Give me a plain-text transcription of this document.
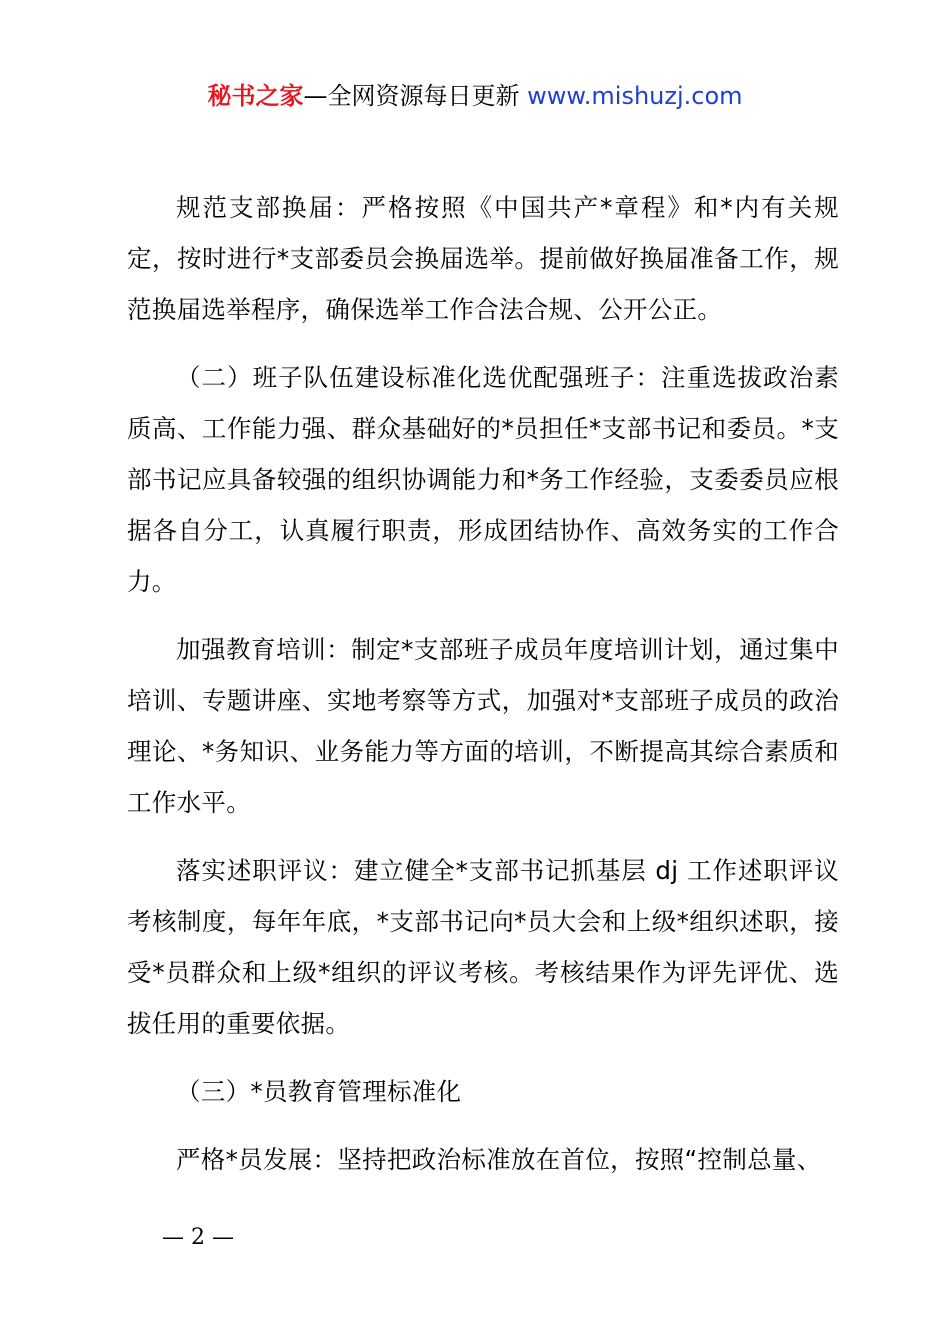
秘书之家—全网资源每日更新 www.mishuzj.com

规范支部换届：严格按照《中国共产*章程》和*内有关规定，按时进行*支部委员会换届选举。提前做好换届准备工作，规范换届选举程序，确保选举工作合法合规、公开公正。

（二）班子队伍建设标准化选优配强班子：注重选拔政治素质高、工作能力强、群众基础好的*员担任*支部书记和委员。*支部书记应具备较强的组织协调能力和*务工作经验，支委委员应根据各自分工，认真履行职责，形成团结协作、高效务实的工作合力。

加强教育培训：制定*支部班子成员年度培训计划，通过集中培训、专题讲座、实地考察等方式，加强对*支部班子成员的政治理论、*务知识、业务能力等方面的培训，不断提高其综合素质和工作水平。

落实述职评议：建立健全*支部书记抓基层 dj 工作述职评议考核制度，每年年底，*支部书记向*员大会和上级*组织述职，接受*员群众和上级*组织的评议考核。考核结果作为评先评优、选拔任用的重要依据。

（三）*员教育管理标准化

严格*员发展：坚持把政治标准放在首位，按照“控制总量、

— 2 —
